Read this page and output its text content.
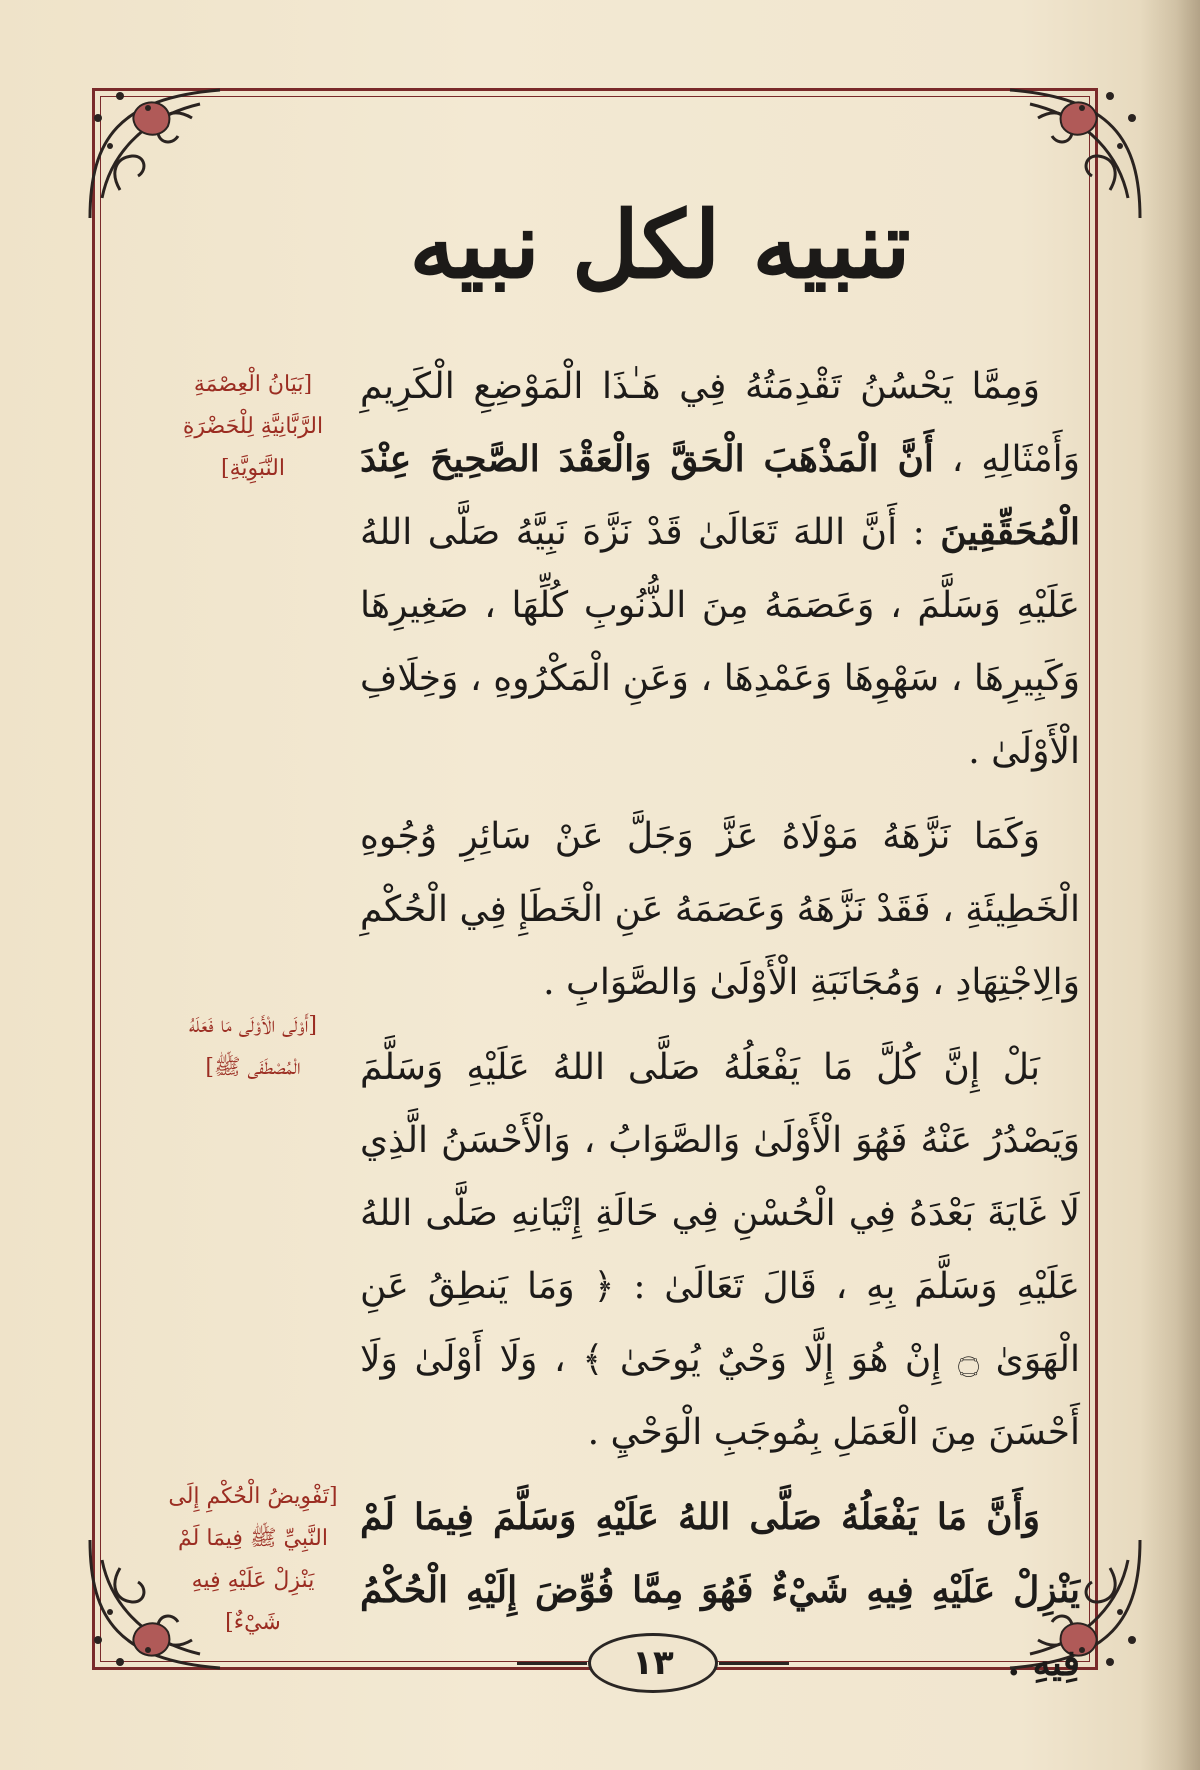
تنبيه لكل نبيه

وَمِمَّا يَحْسُنُ تَقْدِمَتُهُ فِي هَـٰذَا الْمَوْضِعِ الْكَرِيمِ وَأَمْثَالِهِ ، أَنَّ الْمَذْهَبَ الْحَقَّ وَالْعَقْدَ الصَّحِيحَ عِنْدَ الْمُحَقِّقِينَ : أَنَّ اللهَ تَعَالَىٰ قَدْ نَزَّهَ نَبِيَّهُ صَلَّى اللهُ عَلَيْهِ وَسَلَّمَ ، وَعَصَمَهُ مِنَ الذُّنُوبِ كُلِّهَا ، صَغِيرِهَا وَكَبِيرِهَا ، سَهْوِهَا وَعَمْدِهَا ، وَعَنِ الْمَكْرُوهِ ، وَخِلَافِ الْأَوْلَىٰ .

وَكَمَا نَزَّهَهُ مَوْلَاهُ عَزَّ وَجَلَّ عَنْ سَائِرِ وُجُوهِ الْخَطِيئَةِ ، فَقَدْ نَزَّهَهُ وَعَصَمَهُ عَنِ الْخَطَإِ فِي الْحُكْمِ وَالِاجْتِهَادِ ، وَمُجَانَبَةِ الْأَوْلَىٰ وَالصَّوَابِ .

بَلْ إِنَّ كُلَّ مَا يَفْعَلُهُ صَلَّى اللهُ عَلَيْهِ وَسَلَّمَ وَيَصْدُرُ عَنْهُ فَهُوَ الْأَوْلَىٰ وَالصَّوَابُ ، وَالْأَحْسَنُ الَّذِي لَا غَايَةَ بَعْدَهُ فِي الْحُسْنِ فِي حَالَةِ إِتْيَانِهِ صَلَّى اللهُ عَلَيْهِ وَسَلَّمَ بِهِ ، قَالَ تَعَالَىٰ : ﴿ وَمَا يَنطِقُ عَنِ الْهَوَىٰ ۝ إِنْ هُوَ إِلَّا وَحْيٌ يُوحَىٰ ﴾ ، وَلَا أَوْلَىٰ وَلَا أَحْسَنَ مِنَ الْعَمَلِ بِمُوجَبِ الْوَحْيِ .

وَأَنَّ مَا يَفْعَلُهُ صَلَّى اللهُ عَلَيْهِ وَسَلَّمَ فِيمَا لَمْ يَنْزِلْ عَلَيْهِ فِيهِ شَيْءٌ فَهُوَ مِمَّا فُوِّضَ إِلَيْهِ الْحُكْمُ فِيهِ .

[بَيَانُ الْعِصْمَةِ الرَّبَّانِيَّةِ لِلْحَضْرَةِ النَّبَوِيَّةِ]
[أَوْلَى الْأَوْلَى مَا فَعَلَهُ الْمُصْطَفَى ﷺ]
[تَفْوِيضُ الْحُكْمِ إِلَى النَّبِيِّ ﷺ فِيمَا لَمْ يَنْزِلْ عَلَيْهِ فِيهِ شَيْءٌ]
١٣
